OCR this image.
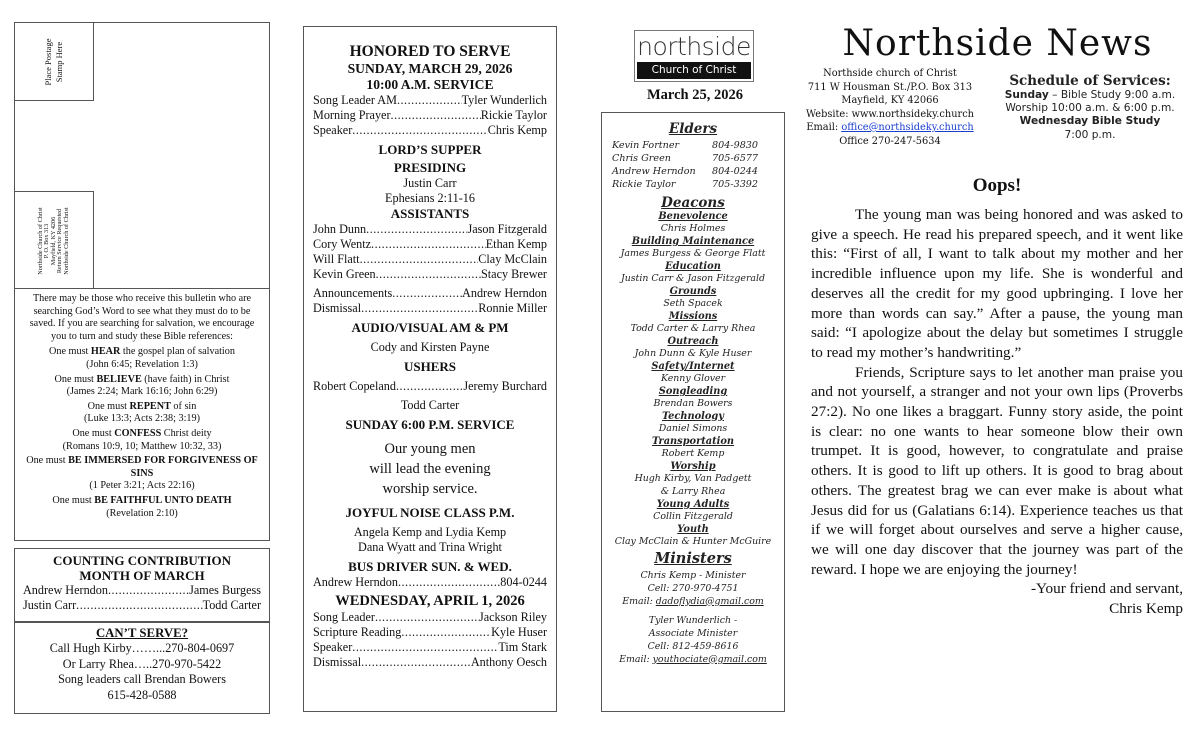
Place Postage Stamp Here
Northside Church of Christ P. O. Box 313 Mayfield, KY 4206 Return Service Requested Northside Church of Christ
There may be those who receive this bulletin who are searching God’s Word to see what they must do to be saved. If you are searching for salvation, we encourage you to turn and study these Bible references:
One must HEAR the gospel plan of salvation
(John 6:45; Revelation 1:3)
One must BELIEVE (have faith) in Christ
(James 2:24; Mark 16:16; John 6:29)
One must REPENT of sin
(Luke 13:3; Acts 2:38; 3:19)
One must CONFESS Christ deity
(Romans 10:9, 10; Matthew 10:32, 33)
One must BE IMMERSED FOR FORGIVENESS OF SINS
(1 Peter 3:21; Acts 22:16)
One must BE FAITHFUL UNTO DEATH
(Revelation 2:10)
COUNTING CONTRIBUTION
MONTH OF MARCH
Andrew Herndon .....	James Burgess
Justin Carr .....	Todd Carter
CAN’T SERVE?
Call Hugh Kirby……...270-804-0697
Or Larry Rhea…..270-970-5422
Song leaders call Brendan Bowers
615-428-0588
HONORED TO SERVE
SUNDAY, MARCH 29, 2026
10:00 A.M. SERVICE
Song Leader AM .....	Tyler Wunderlich
Morning Prayer .....	Rickie Taylor
Speaker .....	Chris Kemp
LORD’S SUPPER
PRESIDING
Justin Carr
Ephesians 2:11-16
ASSISTANTS
John Dunn .....	Jason Fitzgerald
Cory Wentz .....	Ethan Kemp
Will Flatt .....	Clay McClain
Kevin Green .....	Stacy Brewer
Announcements .....	Andrew Herndon
Dismissal .....	Ronnie Miller
AUDIO/VISUAL AM & PM
Cody and Kirsten Payne
USHERS
Robert Copeland .....	Jeremy Burchard
Todd Carter
SUNDAY 6:00 P.M. SERVICE
Our young men
will lead the evening
worship service.
JOYFUL NOISE CLASS P.M.
Angela Kemp and Lydia Kemp
Dana Wyatt and Trina Wright
BUS DRIVER SUN. & WED.
Andrew Herndon .....	804-0244
WEDNESDAY, APRIL 1, 2026
Song Leader .....	Jackson Riley
Scripture Reading .....	Kyle Huser
Speaker .....	Tim Stark
Dismissal .....	Anthony Oesch
northside
Church of Christ
March 25, 2026
Elders
Kevin Fortner	804-9830
Chris Green	705-6577
Andrew Herndon 804-0244
Rickie Taylor	705-3392
Deacons
Benevolence
Chris Holmes
Building Maintenance
James Burgess & George Flatt
Education
Justin Carr & Jason Fitzgerald
Grounds
Seth Spacek
Missions
Todd Carter & Larry Rhea
Outreach
John Dunn & Kyle Huser
Safety/Internet
Kenny Glover
Songleading
Brendan Bowers
Technology
Daniel Simons
Transportation
Robert Kemp
Worship
Hugh Kirby, Van Padgett
& Larry Rhea
Young Adults
Collin Fitzgerald
Youth
Clay McClain & Hunter McGuire
Ministers
Chris Kemp - Minister
Cell: 270-970-4751
Email: dadoflydia@gmail.com
Tyler Wunderlich -
Associate Minister
Cell: 812-459-8616
Email: youthociate@gmail.com
Northside News
Northside church of Christ
711 W Housman St./P.O. Box 313
Mayfield, KY 42066
Website: www.northsideky.church
Email: office@northsideky.church
Office 270-247-5634
Schedule of Services:
Sunday – Bible Study 9:00 a.m.
Worship 10:00 a.m. & 6:00 p.m.
Wednesday Bible Study
7:00 p.m.
Oops!

The young man was being honored and was asked to give a speech. He read his prepared speech, and it went like this: “First of all, I want to talk about my mother and her incredible influence upon my life. She is wonderful and deserves all the credit for my good upbringing. I love her more than words can say.” After a pause, the young man said: “I apologize about the delay but sometimes I struggle to read my mother’s handwriting.”

Friends, Scripture says to let another man praise you and not yourself, a stranger and not your own lips (Proverbs 27:2). No one likes a braggart. Funny story aside, the point is clear: no one wants to hear someone blow their own trumpet. It is good, however, to congratulate and praise others. It is good to lift up others. It is good to brag about others. The greatest brag we can ever make is about what Jesus did for us (Galatians 6:14). Experience teaches us that if we will forget about ourselves and serve a higher cause, we will one day discover that the journey was part of the reward. I hope we are enjoying the journey!

-Your friend and servant,
Chris Kemp
